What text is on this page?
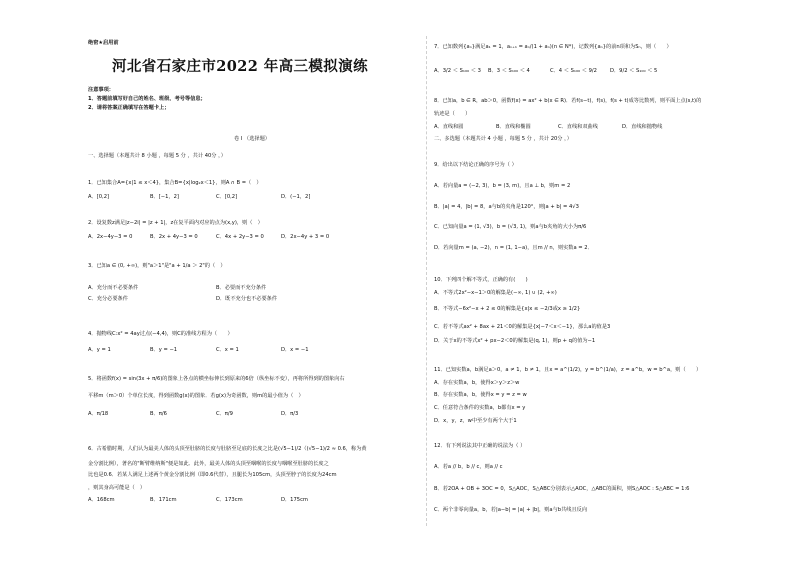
绝密★启用前
河北省石家庄市2022 年高三模拟演练
注意事项：
1．答题前填写好自己的姓名、班级、考号等信息；
2．请将答案正确填写在答题卡上；
卷 I （选择题）
一、选择题（本题共计 8 小题 ，每题 5 分 ，共计 40分 ，）
1．已知集合A={x|1 ≤ x＜4}，集合B={x|log₂x＜1}，则A ∩ B =（　）
A．[0,2]	B．[−1，2]	C．[0,2]	D．(−1，2]
2．设复数z满足|z−2i| = |z + 1|，z在复平面内对应的点为(x,y)，则（　）
A．2x−4y−3 = 0	B．2x + 4y−3 = 0	C．4x + 2y−3 = 0	D．2x−4y + 3 = 0
3．已知a ∈ (0, +∞)，则"a＞1"是"a + 1/a ＞ 2"的（　）
A．充分而不必要条件	B．必要而不充分条件
C．充分必要条件	D．既不充分也不必要条件
4．抛物线C:x² = 4ay过点(−4,4)，则C的准线方程为（　　）
A．y = 1	B．y = −1	C．x = 1	D．x = −1
5．将函数f(x) = sin(3x + π/6)的图象上各点的横坐标伸长到原来的6倍（纵坐标不变），再将所得到的图象向右
平移m（m＞0）个单位长度，得到函数g(x)的图象．若g(x)为奇函数，则m的最小值为（　）
A．π/18	B．π/6	C．π/9	D．π/3
6．古希腊时期，人们认为最美人体的头顶至肚脐的长度与肚脐至足底的长度之比是(√5−1)/2（(√5−1)/2 ≈ 0.6，称为黄
金分割比例），著名的"断臂维纳斯"便是如此．此外，最美人体的头顶至咽喉的长度与咽喉至肚脐的长度之
比也是0.6．若某人满足上述两个黄金分割比例（即0.6代替），且腿长为105cm，头顶至脖子的长度为24cm
，则其身高可能是（　）
A．168cm	B．171cm	C．173cm	D．175cm
7．已知数列{aₙ}满足a₁ = 1，aₙ₊₁ = aₙ/(1 + aₙ)(n ∈ N*)，记数列{aₙ}的前n项和为Sₙ，则（　　）
A．3/2 ＜ S₁₀₀ ＜ 3 B．3 ＜ S₁₀₀ ＜ 4	C．4 ＜ S₁₀₀ ＜ 9/2	D．9/2 ＜ S₁₀₀ ＜ 5
8．已知a，b ∈ R，ab＞0，函数f(x) = ax² + b(x ∈ R)．若f(s−t)，f(s)，f(s + t)成等比数列，则平面上点(s,t)的
轨迹是（　　）
A．直线和圆	B．直线和椭圆	C．直线和双曲线	D．直线和抛物线
二、多选题（本题共计 4 小题 ，每题 5 分 ，共计 20分 ，）
9．给出以下结论正确的序号为（ ）
A．若向量a = (−2, 3)，b = (3, m)，且a ⊥ b，则m = 2
B．|a| = 4，|b| = 8，a与b的夹角是120°，则|a + b| = 4√3
C．已知向量a = (1, √3)，b = (√3, 1)，则a与b夹角的大小为π/6
D．若向量m = (a, −2)，n = (1, 1−a)，且m // n，则实数a = 2．
10．下列四个解不等式，正确的有(　　)
A．不等式2x²−x−1＞0的解集是(−∞, 1) ∪ (2, +∞)
B．不等式−6x²−x + 2 ≤ 0的解集是{x|x ≤ −2/3或x ≥ 1/2}
C．若不等式ax² + 8ax + 21＜0的解集是{x|−7＜x＜−1}，那么a的值是3
D．关于x的不等式x² + px−2＜0的解集是(q, 1)，则p + q的值为−1
11．已知实数a，b满足a＞0，a ≠ 1，b ≠ 1，且x = a^(1/2)，y = b^(1/a)，z = a^b，w = b^a，则（　　）
A．存在实数a，b，使得x＞y＞z＞w
B．存在实数a，b，使得x = y = z = w
C．任意符合条件的实数a，b都有x = y
D．x，y，z，w中至少有两个大于1
12．有下列说法其中正确的说法为（ ）
A．若a // b，b // c，则a // c
B．若2OA + OB + 3OC = 0，S△AOC，S△ABC分别表示△AOC，△ABC的面积，则S△AOC : S△ABC = 1:6
C．两个非零向量a，b，若|a−b| = |a| + |b|，则a与b共线且反向
